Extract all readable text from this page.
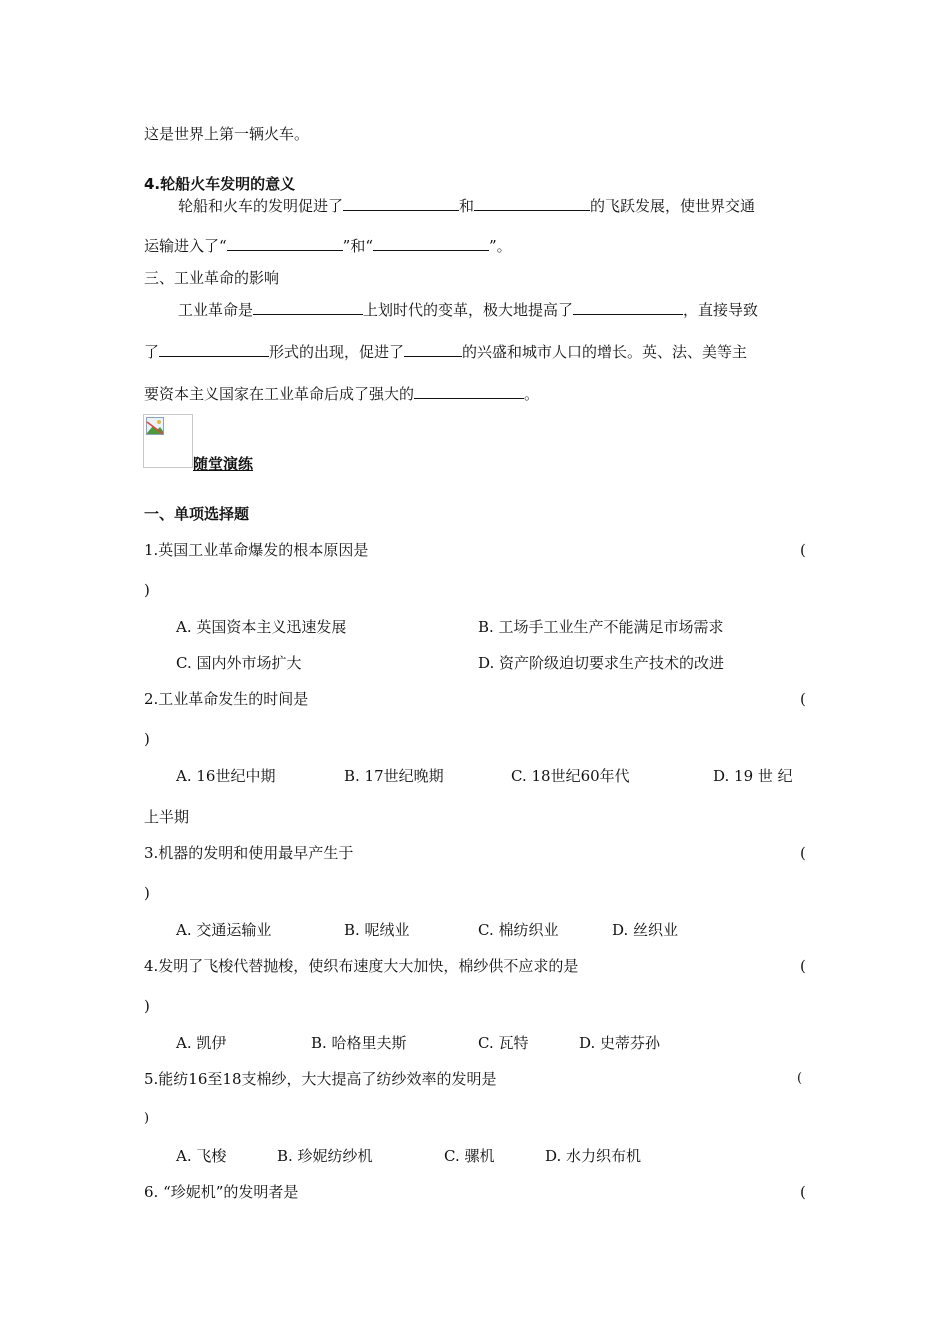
这是世界上第一辆火车。
4.轮船火车发明的意义
轮船和火车的发明促进了	和	的飞跃发展，使世界交通
运输进入了“	”和“	”。
三、工业革命的影响
工业革命是	上划时代的变革，极大地提高了	，直接导致
了	形式的出现，促进了	的兴盛和城市人口的增长。英、法、美等主
要资本主义国家在工业革命后成了强大的	。
随堂演练
一、单项选择题
1.英国工业革命爆发的根本原因是	(
)
A. 英国资本主义迅速发展	B. 工场手工业生产不能满足市场需求
C. 国内外市场扩大	D. 资产阶级迫切要求生产技术的改进
2.工业革命发生的时间是	(
)
A. 16世纪中期	B. 17世纪晚期	C. 18世纪60年代	D. 19 世 纪
上半期
3.机器的发明和使用最早产生于	(
)
A. 交通运输业	B. 呢绒业	C. 棉纺织业	D. 丝织业
4.发明了飞梭代替抛梭，使织布速度大大加快，棉纱供不应求的是	(
)
A. 凯伊	B. 哈格里夫斯	C. 瓦特	D. 史蒂芬孙
5.能纺16至18支棉纱，大大提高了纺纱效率的发明是	(
)
A. 飞梭	B. 珍妮纺纱机	C. 骡机	D. 水力织布机
6. “珍妮机”的发明者是	(
